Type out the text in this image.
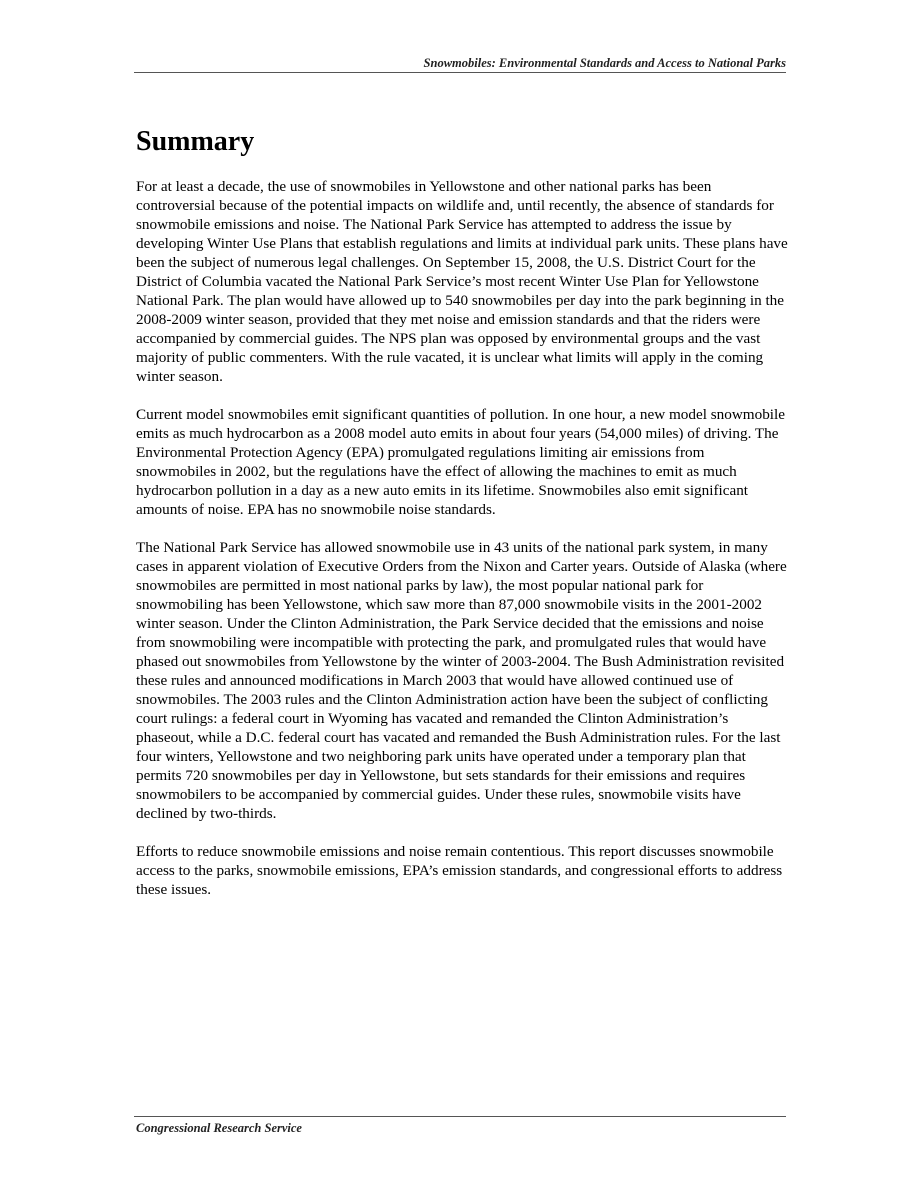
Snowmobiles: Environmental Standards and Access to National Parks
Summary

For at least a decade, the use of snowmobiles in Yellowstone and other national parks has been controversial because of the potential impacts on wildlife and, until recently, the absence of standards for snowmobile emissions and noise. The National Park Service has attempted to address the issue by developing Winter Use Plans that establish regulations and limits at individual park units. These plans have been the subject of numerous legal challenges. On September 15, 2008, the U.S. District Court for the District of Columbia vacated the National Park Service’s most recent Winter Use Plan for Yellowstone National Park. The plan would have allowed up to 540 snowmobiles per day into the park beginning in the 2008-2009 winter season, provided that they met noise and emission standards and that the riders were accompanied by commercial guides. The NPS plan was opposed by environmental groups and the vast majority of public commenters. With the rule vacated, it is unclear what limits will apply in the coming winter season.

Current model snowmobiles emit significant quantities of pollution. In one hour, a new model snowmobile emits as much hydrocarbon as a 2008 model auto emits in about four years (54,000 miles) of driving. The Environmental Protection Agency (EPA) promulgated regulations limiting air emissions from snowmobiles in 2002, but the regulations have the effect of allowing the machines to emit as much hydrocarbon pollution in a day as a new auto emits in its lifetime. Snowmobiles also emit significant amounts of noise. EPA has no snowmobile noise standards.

The National Park Service has allowed snowmobile use in 43 units of the national park system, in many cases in apparent violation of Executive Orders from the Nixon and Carter years. Outside of Alaska (where snowmobiles are permitted in most national parks by law), the most popular national park for snowmobiling has been Yellowstone, which saw more than 87,000 snowmobile visits in the 2001-2002 winter season. Under the Clinton Administration, the Park Service decided that the emissions and noise from snowmobiling were incompatible with protecting the park, and promulgated rules that would have phased out snowmobiles from Yellowstone by the winter of 2003-2004. The Bush Administration revisited these rules and announced modifications in March 2003 that would have allowed continued use of snowmobiles. The 2003 rules and the Clinton Administration action have been the subject of conflicting court rulings: a federal court in Wyoming has vacated and remanded the Clinton Administration’s phaseout, while a D.C. federal court has vacated and remanded the Bush Administration rules. For the last four winters, Yellowstone and two neighboring park units have operated under a temporary plan that permits 720 snowmobiles per day in Yellowstone, but sets standards for their emissions and requires snowmobilers to be accompanied by commercial guides. Under these rules, snowmobile visits have declined by two-thirds.

Efforts to reduce snowmobile emissions and noise remain contentious. This report discusses snowmobile access to the parks, snowmobile emissions, EPA’s emission standards, and congressional efforts to address these issues.

Congressional Research Service
